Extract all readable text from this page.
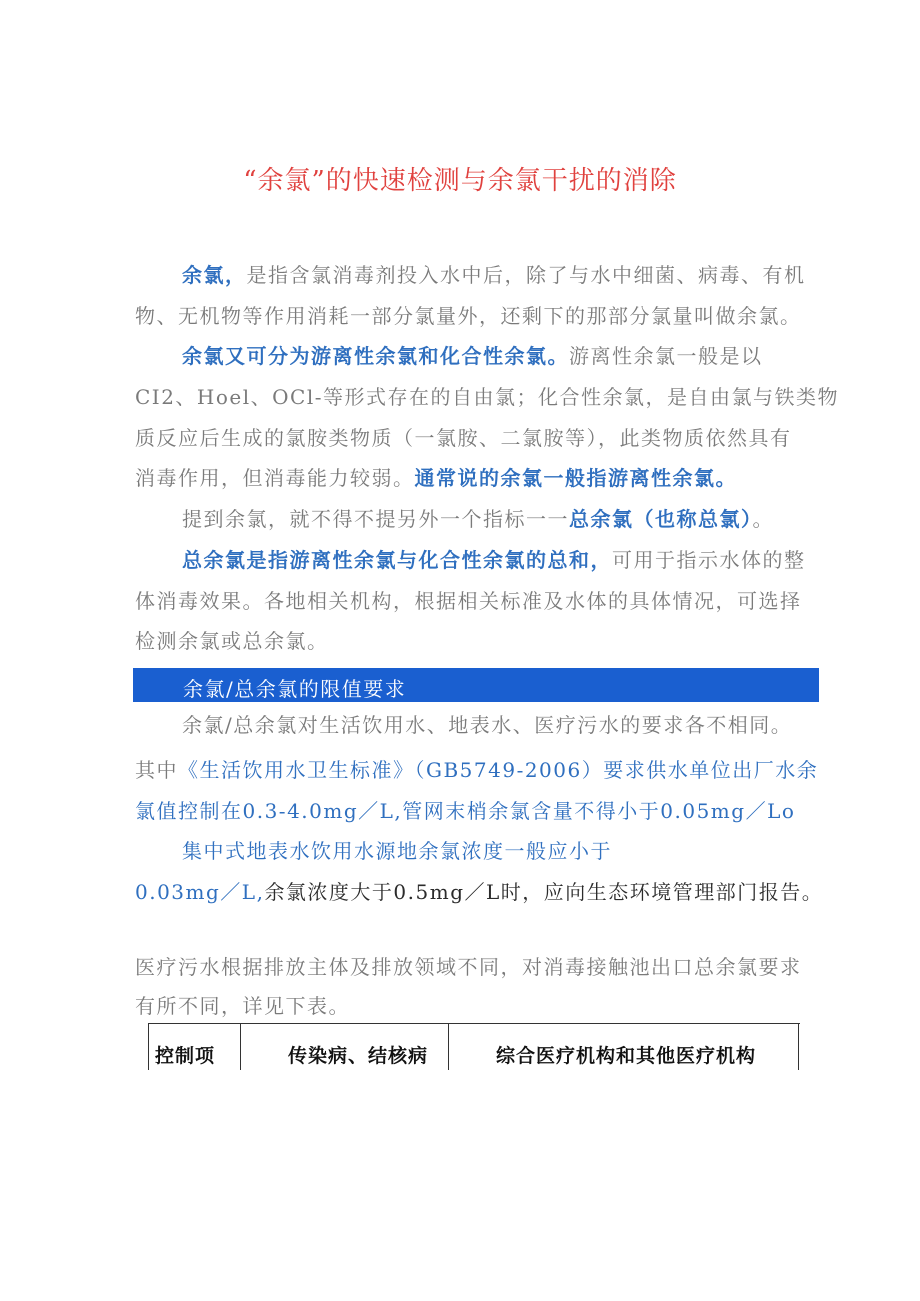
“余氯”的快速检测与余氯干扰的消除
余氯，是指含氯消毒剂投入水中后，除了与水中细菌、病毒、有机
物、无机物等作用消耗一部分氯量外，还剩下的那部分氯量叫做余氯。
余氯又可分为游离性余氯和化合性余氯。游离性余氯一般是以
CI2、Hoel、OCl-等形式存在的自由氯；化合性余氯，是自由氯与铁类物
质反应后生成的氯胺类物质（一氯胺、二氯胺等），此类物质依然具有
消毒作用，但消毒能力较弱。通常说的余氯一般指游离性余氯。
提到余氯，就不得不提另外一个指标一一总余氯（也称总氯）。
总余氯是指游离性余氯与化合性余氯的总和，可用于指示水体的整
体消毒效果。各地相关机构，根据相关标准及水体的具体情况，可选择
检测余氯或总余氯。
余氯/总余氯的限值要求
余氯/总余氯对生活饮用水、地表水、医疗污水的要求各不相同。
其中《生活饮用水卫生标准》（GB5749-2006）要求供水单位出厂水余
氯值控制在0.3-4.0mg／L,管网末梢余氯含量不得小于0.05mg／Lo
集中式地表水饮用水源地余氯浓度一般应小于
0.03mg／L,余氯浓度大于0.5mg／L时，应向生态环境管理部门报告。
医疗污水根据排放主体及排放领域不同，对消毒接触池出口总余氯要求
有所不同，详见下表。
控制项	传染病、结核病	综合医疗机构和其他医疗机构
